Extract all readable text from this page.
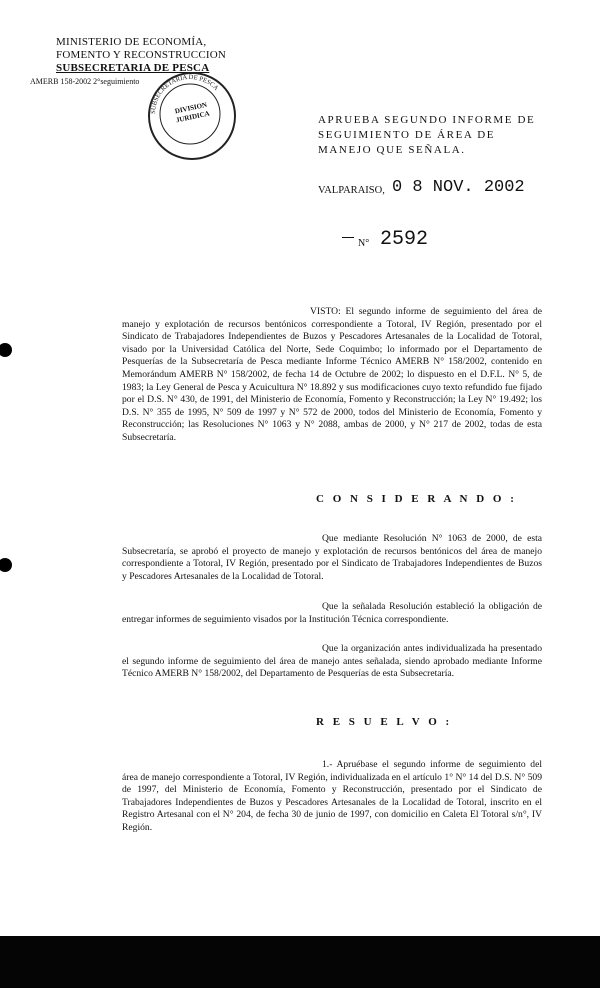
MINISTERIO DE ECONOMÍA,
FOMENTO Y RECONSTRUCCION
SUBSECRETARIA DE PESCA
AMERB 158-2002 2°seguimiento
SUBSECRETARIA DE PESCA
DIVISION JURIDICA	APRUEBA SEGUNDO INFORME DE SEGUIMIENTO DE ÁREA DE MANEJO QUE SEÑALA.
VALPARAISO, 0 8 NOV. 2002
N° 2592
VISTO: El segundo informe de seguimiento del área de manejo y explotación de recursos bentónicos correspondiente a Totoral, IV Región, presentado por el Sindicato de Trabajadores Independientes de Buzos y Pescadores Artesanales de la Localidad de Totoral, visado por la Universidad Católica del Norte, Sede Coquimbo; lo informado por el Departamento de Pesquerías de la Subsecretaría de Pesca mediante Informe Técnico AMERB N° 158/2002, contenido en Memorándum AMERB N° 158/2002, de fecha 14 de Octubre de 2002; lo dispuesto en el D.F.L. N° 5, de 1983; la Ley General de Pesca y Acuicultura N° 18.892 y sus modificaciones cuyo texto refundido fue fijado por el D.S. N° 430, de 1991, del Ministerio de Economía, Fomento y Reconstrucción; la Ley N° 19.492; los D.S. N° 355 de 1995, N° 509 de 1997 y N° 572 de 2000, todos del Ministerio de Economía, Fomento y Reconstrucción; las Resoluciones N° 1063 y N° 2088, ambas de 2000, y N° 217 de 2002, todas de esta Subsecretaría.
C O N S I D E R A N D O :
Que mediante Resolución N° 1063 de 2000, de esta Subsecretaría, se aprobó el proyecto de manejo y explotación de recursos bentónicos del área de manejo correspondiente a Totoral, IV Región, presentado por el Sindicato de Trabajadores Independientes de Buzos y Pescadores Artesanales de la Localidad de Totoral.
Que la señalada Resolución estableció la obligación de entregar informes de seguimiento visados por la Institución Técnica correspondiente.
Que la organización antes individualizada ha presentado el segundo informe de seguimiento del área de manejo antes señalada, siendo aprobado mediante Informe Técnico AMERB N° 158/2002, del Departamento de Pesquerías de esta Subsecretaría.
R E S U E L V O :
1.- Apruébase el segundo informe de seguimiento del área de manejo correspondiente a Totoral, IV Región, individualizada en el artículo 1° N° 14 del D.S. N° 509 de 1997, del Ministerio de Economía, Fomento y Reconstrucción, presentado por el Sindicato de Trabajadores Independientes de Buzos y Pescadores Artesanales de la Localidad de Totoral, inscrito en el Registro Artesanal con el N° 204, de fecha 30 de junio de 1997, con domicilio en Caleta El Totoral s/n°, IV Región.
